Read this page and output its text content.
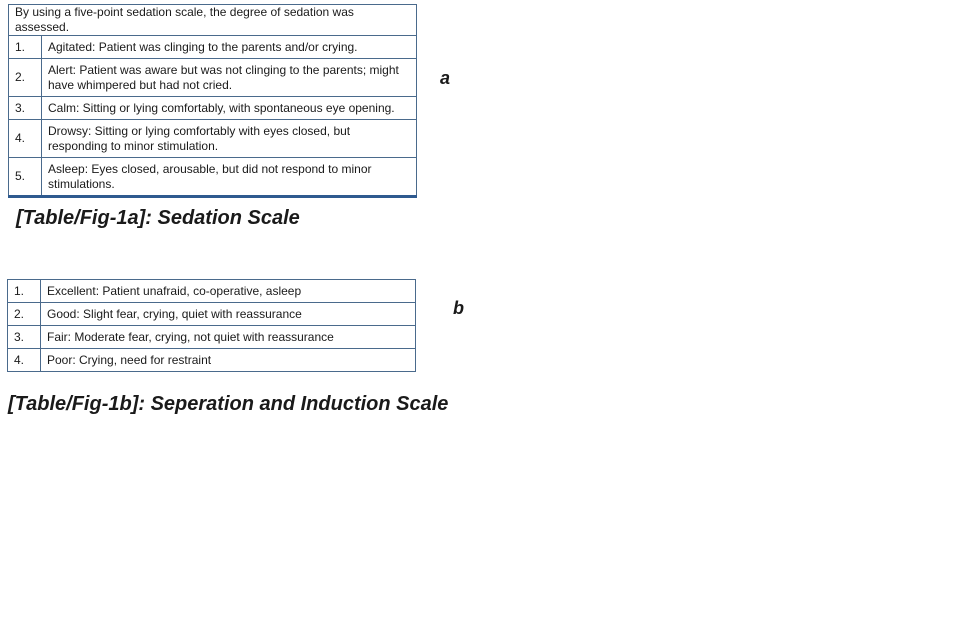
By using a five-point sedation scale, the degree of sedation was assessed.	
1.	Agitated: Patient was clinging to the parents and/or crying.
2.	Alert: Patient was aware but was not clinging to the parents; might have whimpered but had not cried.
3.	Calm: Sitting or lying comfortably, with spontaneous eye opening.
4.	Drowsy: Sitting or lying comfortably with eyes closed, but responding to minor stimulation.
5.	Asleep: Eyes closed, arousable, but did not respond to minor stimulations.
a
[Table/Fig-1a]: Sedation Scale
1.	Excellent: Patient unafraid, co-operative, asleep
2.	Good: Slight fear, crying, quiet with reassurance
3.	Fair: Moderate fear, crying, not quiet with reassurance
4.	Poor: Crying, need for restraint
b
[Table/Fig-1b]: Seperation and Induction Scale
